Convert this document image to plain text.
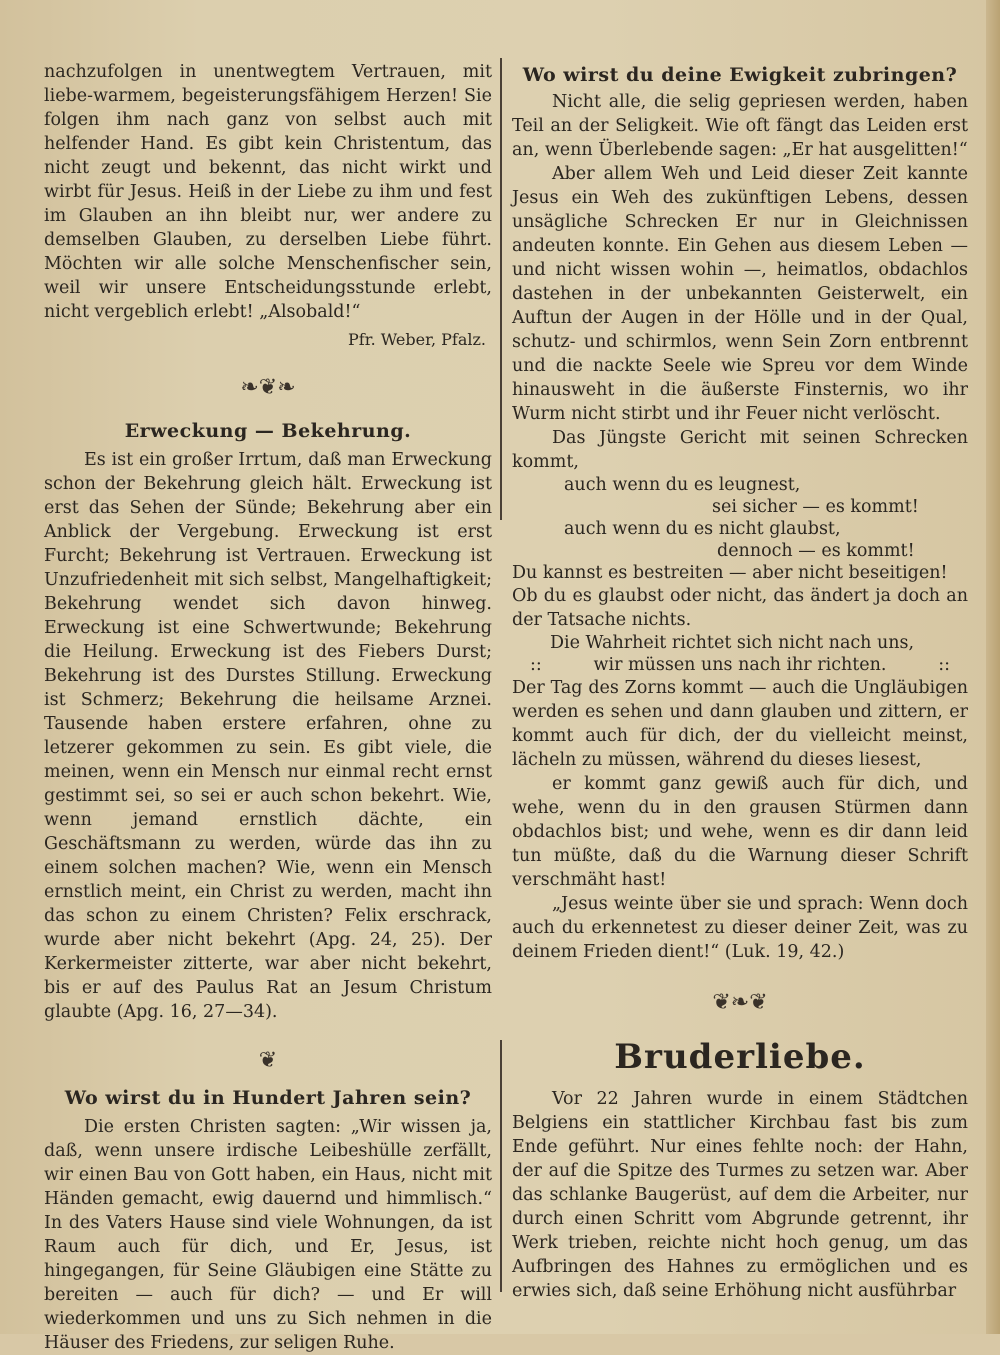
nachzufolgen in unentwegtem Vertrauen, mit liebe-warmem, begeisterungsfähigem Herzen! Sie folgen ihm nach ganz von selbst auch mit helfender Hand. Es gibt kein Christentum, das nicht zeugt und bekennt, das nicht wirkt und wirbt für Jesus. Heiß in der Liebe zu ihm und fest im Glauben an ihn bleibt nur, wer andere zu demselben Glauben, zu derselben Liebe führt. Möchten wir alle solche Menschenfischer sein, weil wir unsere Entscheidungsstunde erlebt, nicht vergeblich erlebt! „Alsobald!“

Pfr. Weber, Pfalz.
❧❦❧
Erweckung — Bekehrung.

Es ist ein großer Irrtum, daß man Erweckung schon der Bekehrung gleich hält. Erweckung ist erst das Sehen der Sünde; Bekehrung aber ein Anblick der Vergebung. Erweckung ist erst Furcht; Bekehrung ist Vertrauen. Erweckung ist Unzufriedenheit mit sich selbst, Mangelhaftigkeit; Bekehrung wendet sich davon hinweg. Erweckung ist eine Schwertwunde; Bekehrung die Heilung. Erweckung ist des Fiebers Durst; Bekehrung ist des Durstes Stillung. Erweckung ist Schmerz; Bekehrung die heilsame Arznei. Tausende haben erstere erfahren, ohne zu letzerer gekommen zu sein. Es gibt viele, die meinen, wenn ein Mensch nur einmal recht ernst gestimmt sei, so sei er auch schon bekehrt. Wie, wenn jemand ernstlich dächte, ein Geschäftsmann zu werden, würde das ihn zu einem solchen machen? Wie, wenn ein Mensch ernstlich meint, ein Christ zu werden, macht ihn das schon zu einem Christen? Felix erschrack, wurde aber nicht bekehrt (Apg. 24, 25). Der Kerkermeister zitterte, war aber nicht bekehrt, bis er auf des Paulus Rat an Jesum Christum glaubte (Apg. 16, 27—34).

❦
Wo wirst du in Hundert Jahren sein?

Die ersten Christen sagten: „Wir wissen ja, daß, wenn unsere irdische Leibeshülle zerfällt, wir einen Bau von Gott haben, ein Haus, nicht mit Händen gemacht, ewig dauernd und himmlisch.“ In des Vaters Hause sind viele Wohnungen, da ist Raum auch für dich, und Er, Jesus, ist hingegangen, für Seine Gläubigen eine Stätte zu bereiten — auch für dich? — und Er will wiederkommen und uns zu Sich nehmen in die Häuser des Friedens, zur seligen Ruhe.

Wo wirst du deine Ewigkeit zubringen?

Nicht alle, die selig gepriesen werden, haben Teil an der Seligkeit. Wie oft fängt das Leiden erst an, wenn Überlebende sagen: „Er hat ausgelitten!“

Aber allem Weh und Leid dieser Zeit kannte Jesus ein Weh des zukünftigen Lebens, dessen unsägliche Schrecken Er nur in Gleichnissen andeuten konnte. Ein Gehen aus diesem Leben — und nicht wissen wohin —, heimatlos, obdachlos dastehen in der unbekannten Geisterwelt, ein Auftun der Augen in der Hölle und in der Qual, schutz- und schirmlos, wenn Sein Zorn entbrennt und die nackte Seele wie Spreu vor dem Winde hinausweht in die äußerste Finsternis, wo ihr Wurm nicht stirbt und ihr Feuer nicht verlöscht.

Das Jüngste Gericht mit seinen Schrecken kommt,

auch wenn du es leugnest,
sei sicher — es kommt!
auch wenn du es nicht glaubst,
dennoch — es kommt!
Du kannst es bestreiten — aber nicht beseitigen!

Ob du es glaubst oder nicht, das ändert ja doch an der Tatsache nichts.

Die Wahrheit richtet sich nicht nach uns,
::	wir müssen uns nach ihr richten.	::

Der Tag des Zorns kommt — auch die Ungläubigen werden es sehen und dann glauben und zittern, er kommt auch für dich, der du vielleicht meinst, lächeln zu müssen, während du dieses liesest,

er kommt ganz gewiß auch für dich, und wehe, wenn du in den grausen Stürmen dann obdachlos bist; und wehe, wenn es dir dann leid tun müßte, daß du die Warnung dieser Schrift verschmäht hast!

„Jesus weinte über sie und sprach: Wenn doch auch du erkennetest zu dieser deiner Zeit, was zu deinem Frieden dient!“ (Luk. 19, 42.)

❦❧❦
Bruderliebe.

Vor 22 Jahren wurde in einem Städtchen Belgiens ein stattlicher Kirchbau fast bis zum Ende geführt. Nur eines fehlte noch: der Hahn, der auf die Spitze des Turmes zu setzen war. Aber das schlanke Baugerüst, auf dem die Arbeiter, nur durch einen Schritt vom Abgrunde getrennt, ihr Werk trieben, reichte nicht hoch genug, um das Aufbringen des Hahnes zu ermöglichen und es erwies sich, daß seine Erhöhung nicht ausführbar
